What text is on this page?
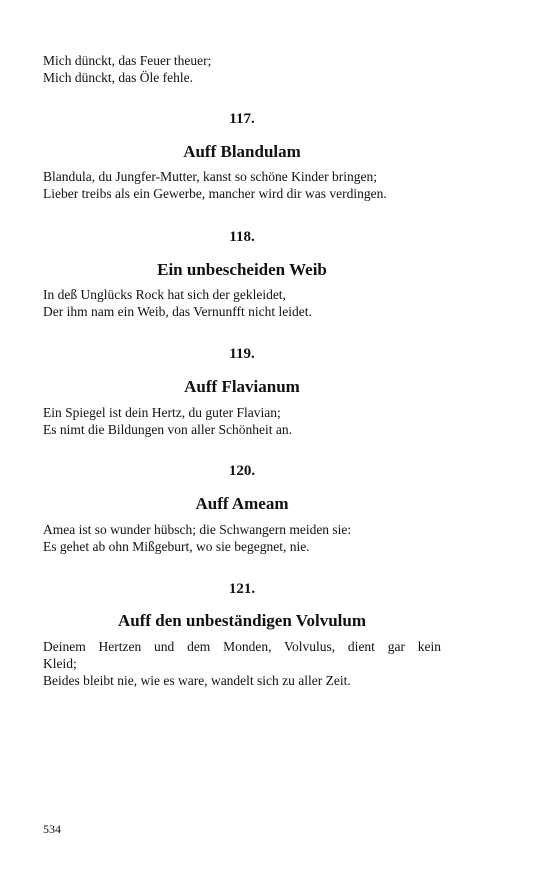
Mich dünckt, das Feuer theuer;
Mich dünckt, das Öle fehle.
117.
Auff Blandulam
Blandula, du Jungfer-Mutter, kanst so schöne Kinder bringen;
Lieber treibs als ein Gewerbe, mancher wird dir was verdingen.
118.
Ein unbescheiden Weib
In deß Unglücks Rock hat sich der gekleidet,
Der ihm nam ein Weib, das Vernunfft nicht leidet.
119.
Auff Flavianum
Ein Spiegel ist dein Hertz, du guter Flavian;
Es nimt die Bildungen von aller Schönheit an.
120.
Auff Ameam
Amea ist so wunder hübsch; die Schwangern meiden sie:
Es gehet ab ohn Mißgeburt, wo sie begegnet, nie.
121.
Auff den unbeständigen Volvulum
Deinem Hertzen und dem Monden, Volvulus, dient gar kein
Kleid;
Beides bleibt nie, wie es ware, wandelt sich zu aller Zeit.
534
